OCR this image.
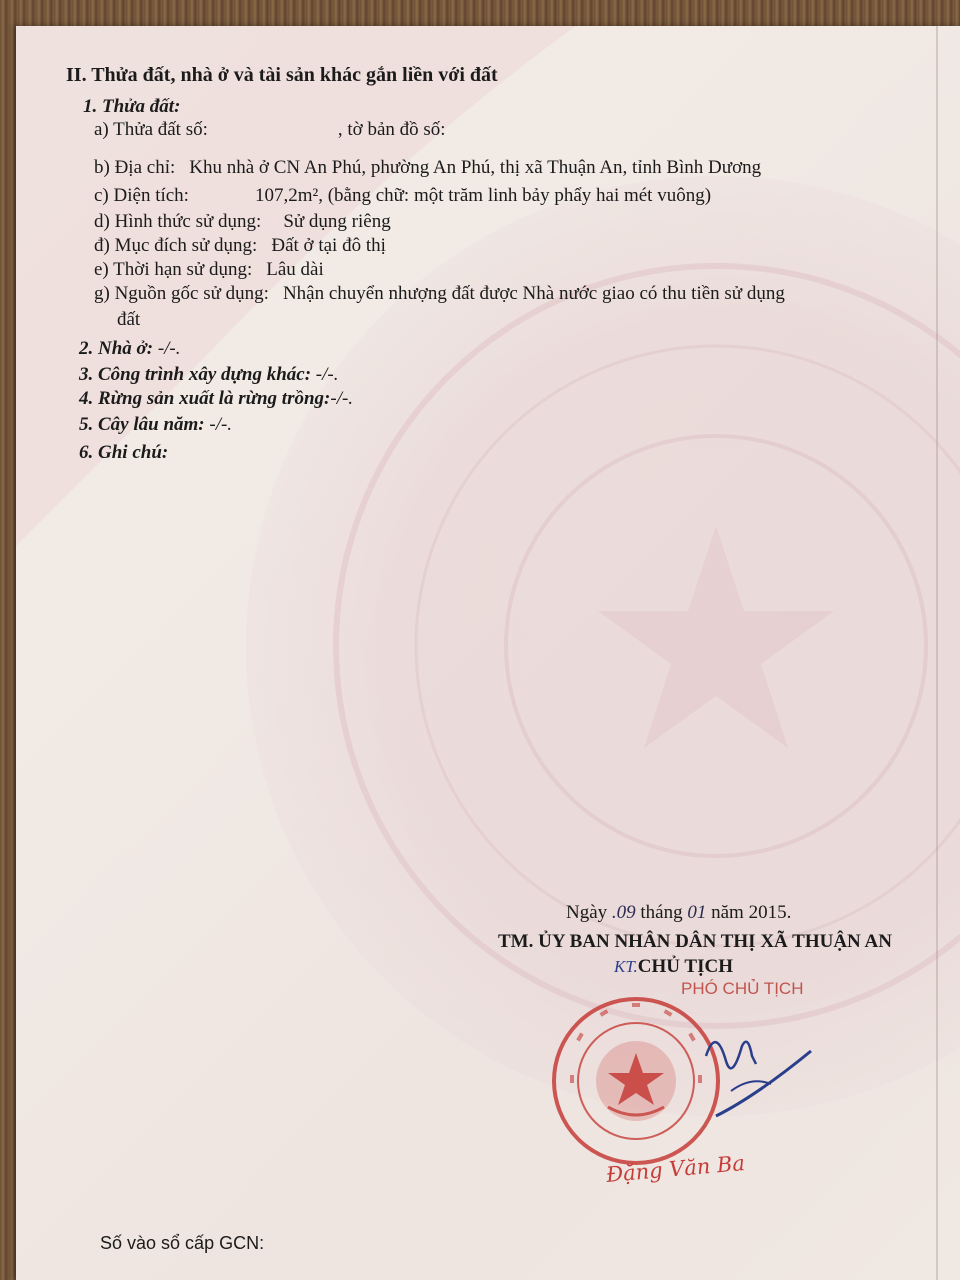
II. Thửa đất, nhà ở và tài sản khác gắn liền với đất
1. Thửa đất:
a) Thửa đất số:	, tờ bản đồ số:
b) Địa chỉ: Khu nhà ở CN An Phú, phường An Phú, thị xã Thuận An, tỉnh Bình Dương
c) Diện tích:	107,2m², (bằng chữ: một trăm linh bảy phẩy hai mét vuông)
d) Hình thức sử dụng: Sử dụng riêng
đ) Mục đích sử dụng: Đất ở tại đô thị
e) Thời hạn sử dụng: Lâu dài
g) Nguồn gốc sử dụng: Nhận chuyển nhượng đất được Nhà nước giao có thu tiền sử dụng
đất
2. Nhà ở: -/-.
3. Công trình xây dựng khác: -/-.
4. Rừng sản xuất là rừng trồng:-/-.
5. Cây lâu năm: -/-.
6. Ghi chú:
Ngày .09 tháng 01 năm 2015.
TM. ỦY BAN NHÂN DÂN THỊ XÃ THUẬN AN
KT.CHỦ TỊCH
PHÓ CHỦ TỊCH
Đặng Văn Ba
Số vào sổ cấp GCN:
